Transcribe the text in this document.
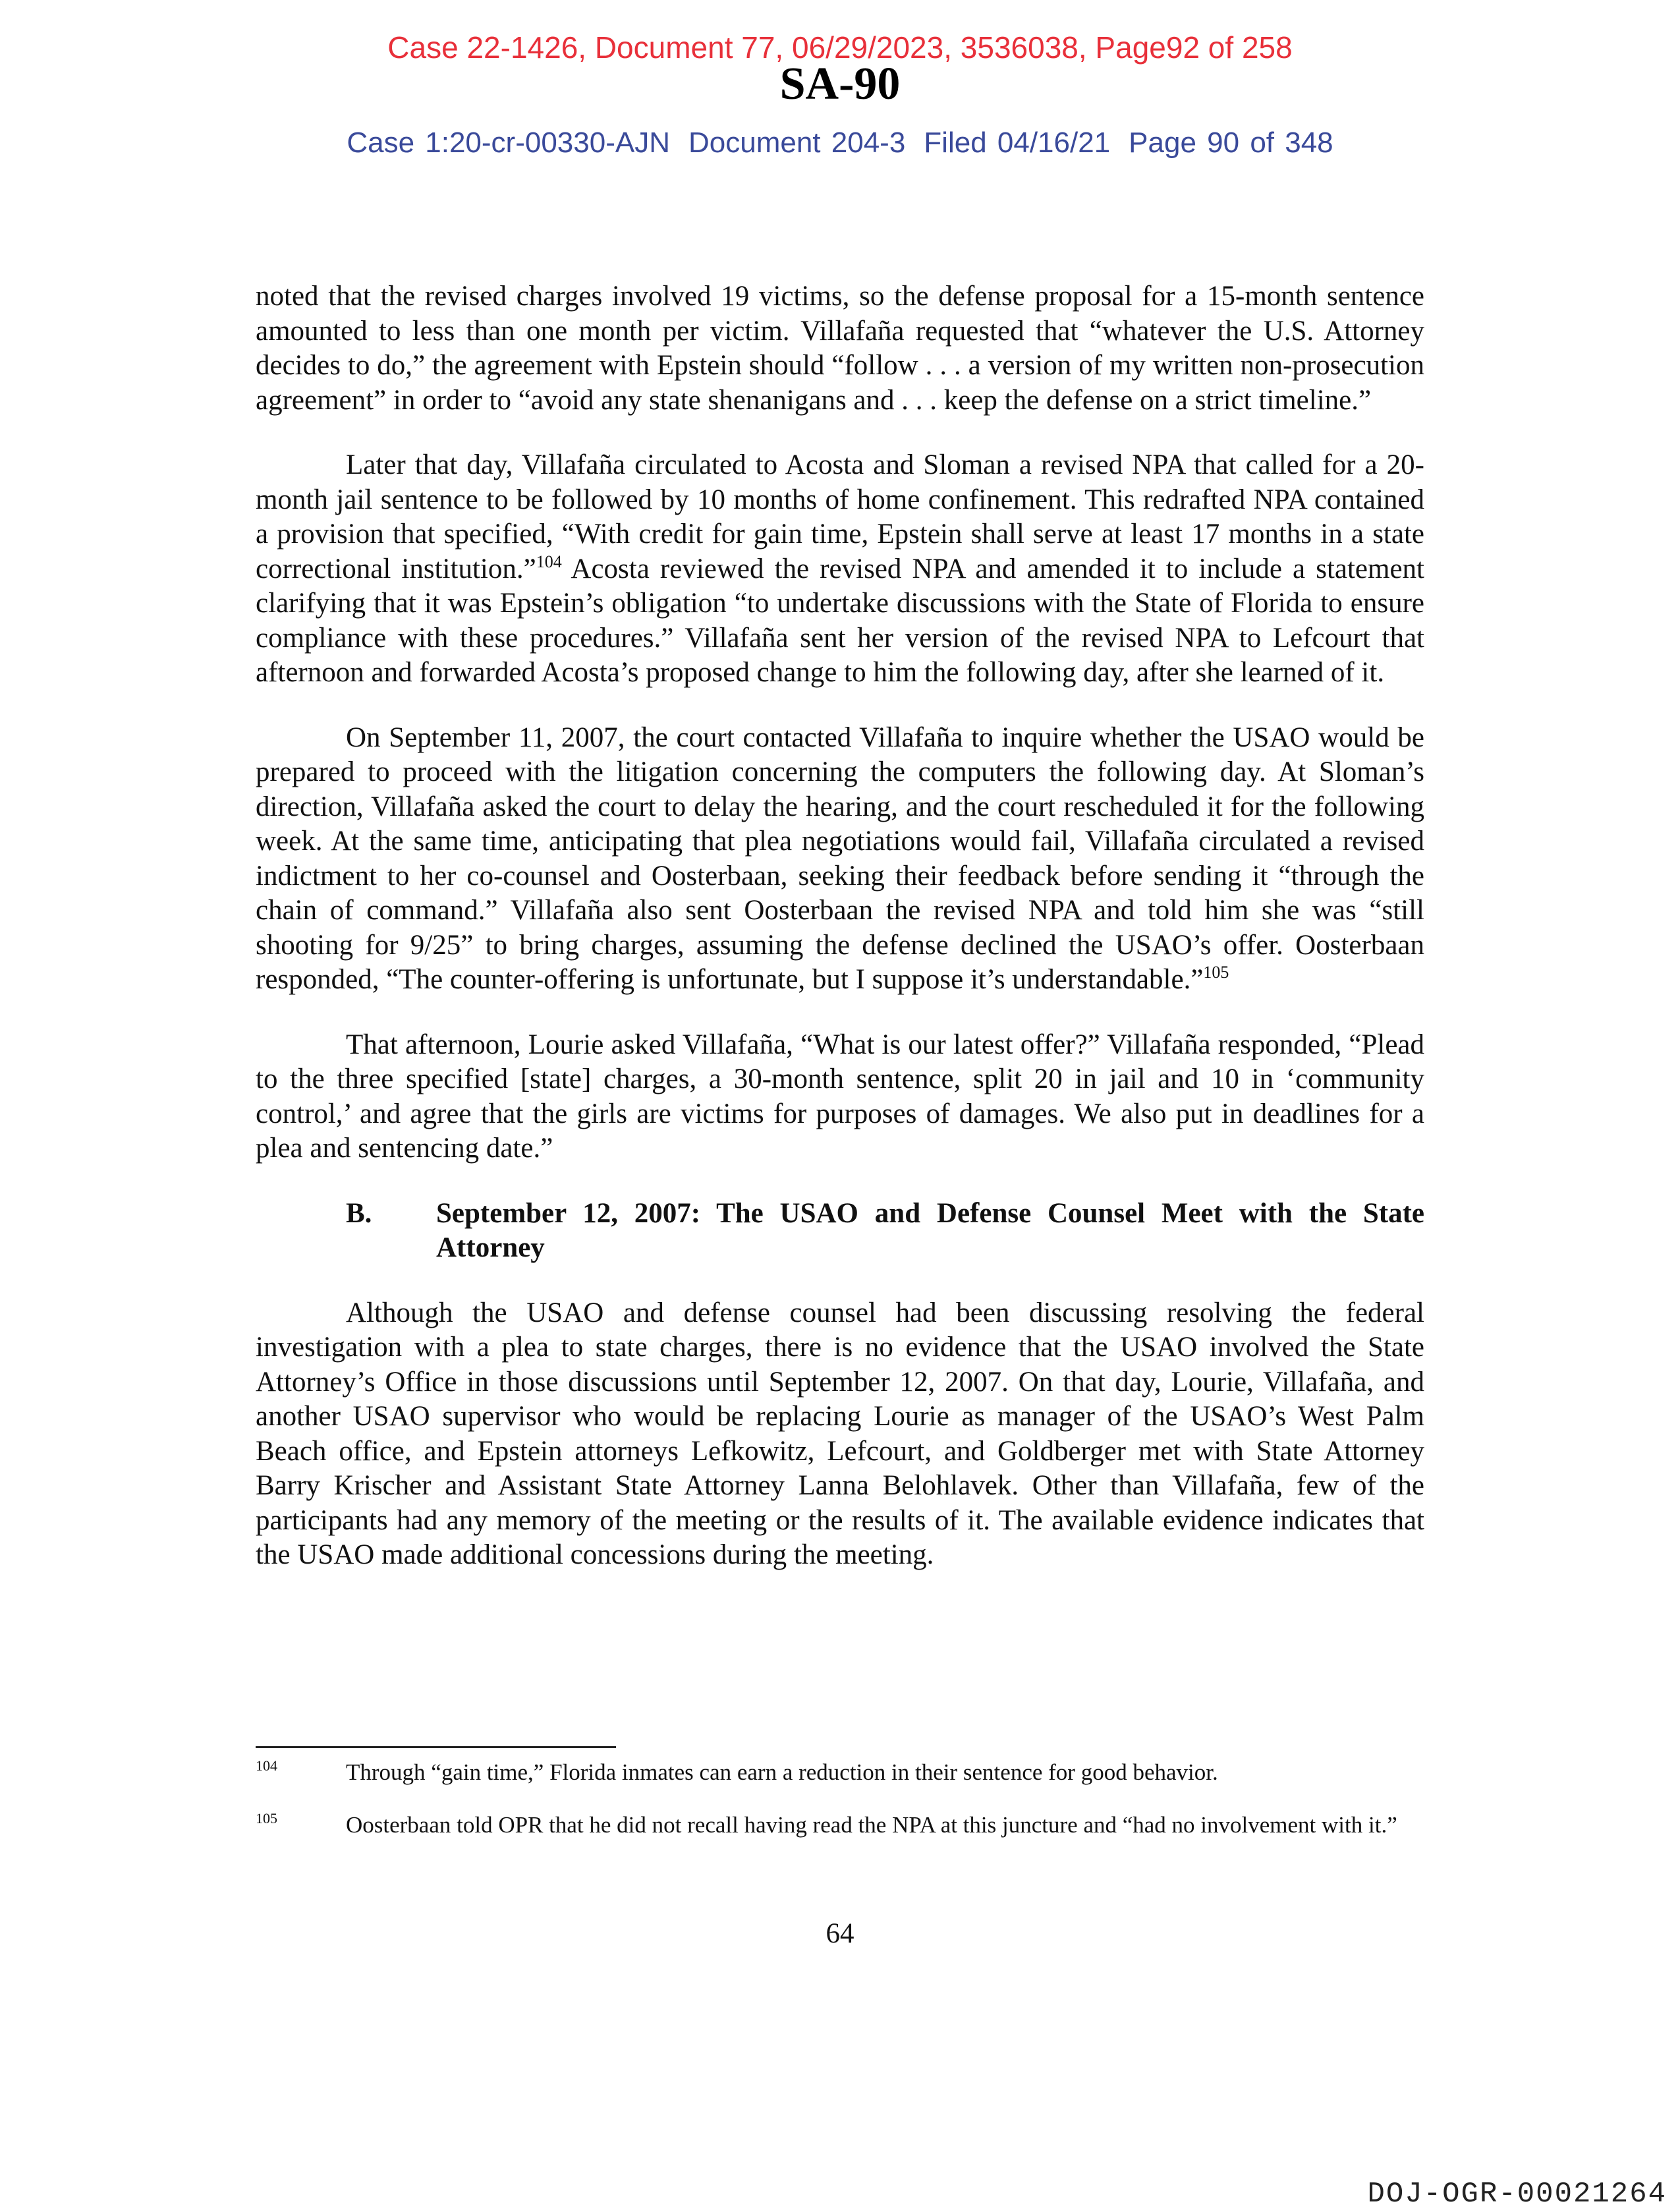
Case 22-1426, Document 77, 06/29/2023, 3536038, Page92 of 258
SA-90
Case 1:20-cr-00330-AJN Document 204-3 Filed 04/16/21 Page 90 of 348

noted that the revised charges involved 19 victims, so the defense proposal for a 15-month sentence amounted to less than one month per victim. Villafaña requested that “whatever the U.S. Attorney decides to do,” the agreement with Epstein should “follow . . . a version of my written non-prosecution agreement” in order to “avoid any state shenanigans and . . . keep the defense on a strict timeline.”

Later that day, Villafaña circulated to Acosta and Sloman a revised NPA that called for a 20-month jail sentence to be followed by 10 months of home confinement. This redrafted NPA contained a provision that specified, “With credit for gain time, Epstein shall serve at least 17 months in a state correctional institution.”$^{104}$ Acosta reviewed the revised NPA and amended it to include a statement clarifying that it was Epstein’s obligation “to undertake discussions with the State of Florida to ensure compliance with these procedures.” Villafaña sent her version of the revised NPA to Lefcourt that afternoon and forwarded Acosta’s proposed change to him the following day, after she learned of it.

On September 11, 2007, the court contacted Villafaña to inquire whether the USAO would be prepared to proceed with the litigation concerning the computers the following day. At Sloman’s direction, Villafaña asked the court to delay the hearing, and the court rescheduled it for the following week. At the same time, anticipating that plea negotiations would fail, Villafaña circulated a revised indictment to her co-counsel and Oosterbaan, seeking their feedback before sending it “through the chain of command.” Villafaña also sent Oosterbaan the revised NPA and told him she was “still shooting for 9/25” to bring charges, assuming the defense declined the USAO’s offer. Oosterbaan responded, “The counter-offering is unfortunate, but I suppose it’s understandable.”$^{105}$

That afternoon, Lourie asked Villafaña, “What is our latest offer?” Villafaña responded, “Plead to the three specified [state] charges, a 30-month sentence, split 20 in jail and 10 in ‘community control,’ and agree that the girls are victims for purposes of damages. We also put in deadlines for a plea and sentencing date.”

B.	September 12, 2007: The USAO and Defense Counsel Meet with the State Attorney

Although the USAO and defense counsel had been discussing resolving the federal investigation with a plea to state charges, there is no evidence that the USAO involved the State Attorney’s Office in those discussions until September 12, 2007. On that day, Lourie, Villafaña, and another USAO supervisor who would be replacing Lourie as manager of the USAO’s West Palm Beach office, and Epstein attorneys Lefkowitz, Lefcourt, and Goldberger met with State Attorney Barry Krischer and Assistant State Attorney Lanna Belohlavek. Other than Villafaña, few of the participants had any memory of the meeting or the results of it. The available evidence indicates that the USAO made additional concessions during the meeting.

104	Through “gain time,” Florida inmates can earn a reduction in their sentence for good behavior.
105	Oosterbaan told OPR that he did not recall having read the NPA at this juncture and “had no involvement with it.”
64
DOJ-OGR-00021264
